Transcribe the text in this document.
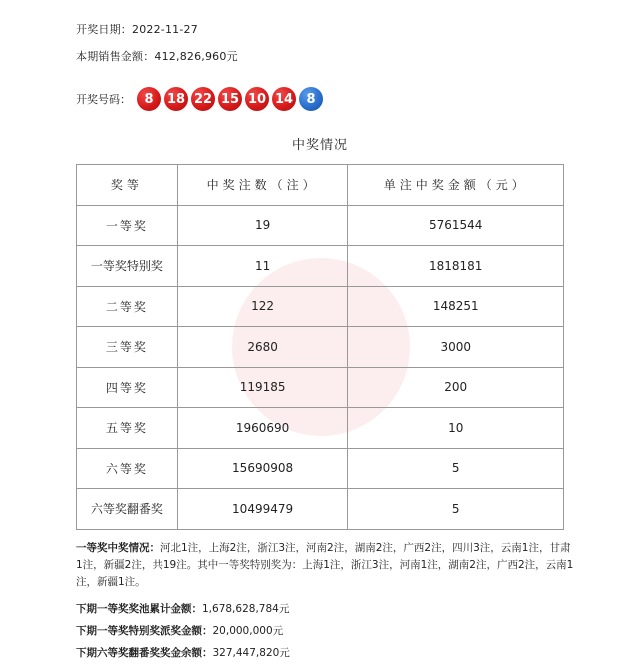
开奖日期：2022-11-27
本期销售金额：412,826,960元
开奖号码：	8	18 22 15 10 14	8
中奖情况
奖等	中奖注数（注）	单注中奖金额（元）
一等奖	19	5761544
一等奖特别奖	11	1818181
二等奖	122	148251
三等奖	2680	3000
四等奖	119185	200
五等奖	1960690	10
六等奖	15690908	5
六等奖翻番奖	10499479	5
一等奖中奖情况：河北1注，上海2注，浙江3注，河南2注，湖南2注，广西2注，四川3注，云南1注，甘肃1注，新疆2注，共19注。其中一等奖特别奖为：上海1注，浙江3注，河南1注，湖南2注，广西2注，云南1注，新疆1注。
下期一等奖奖池累计金额：1,678,628,784元
下期一等奖特别奖派奖金额：20,000,000元
下期六等奖翻番奖奖金余额：327,447,820元
